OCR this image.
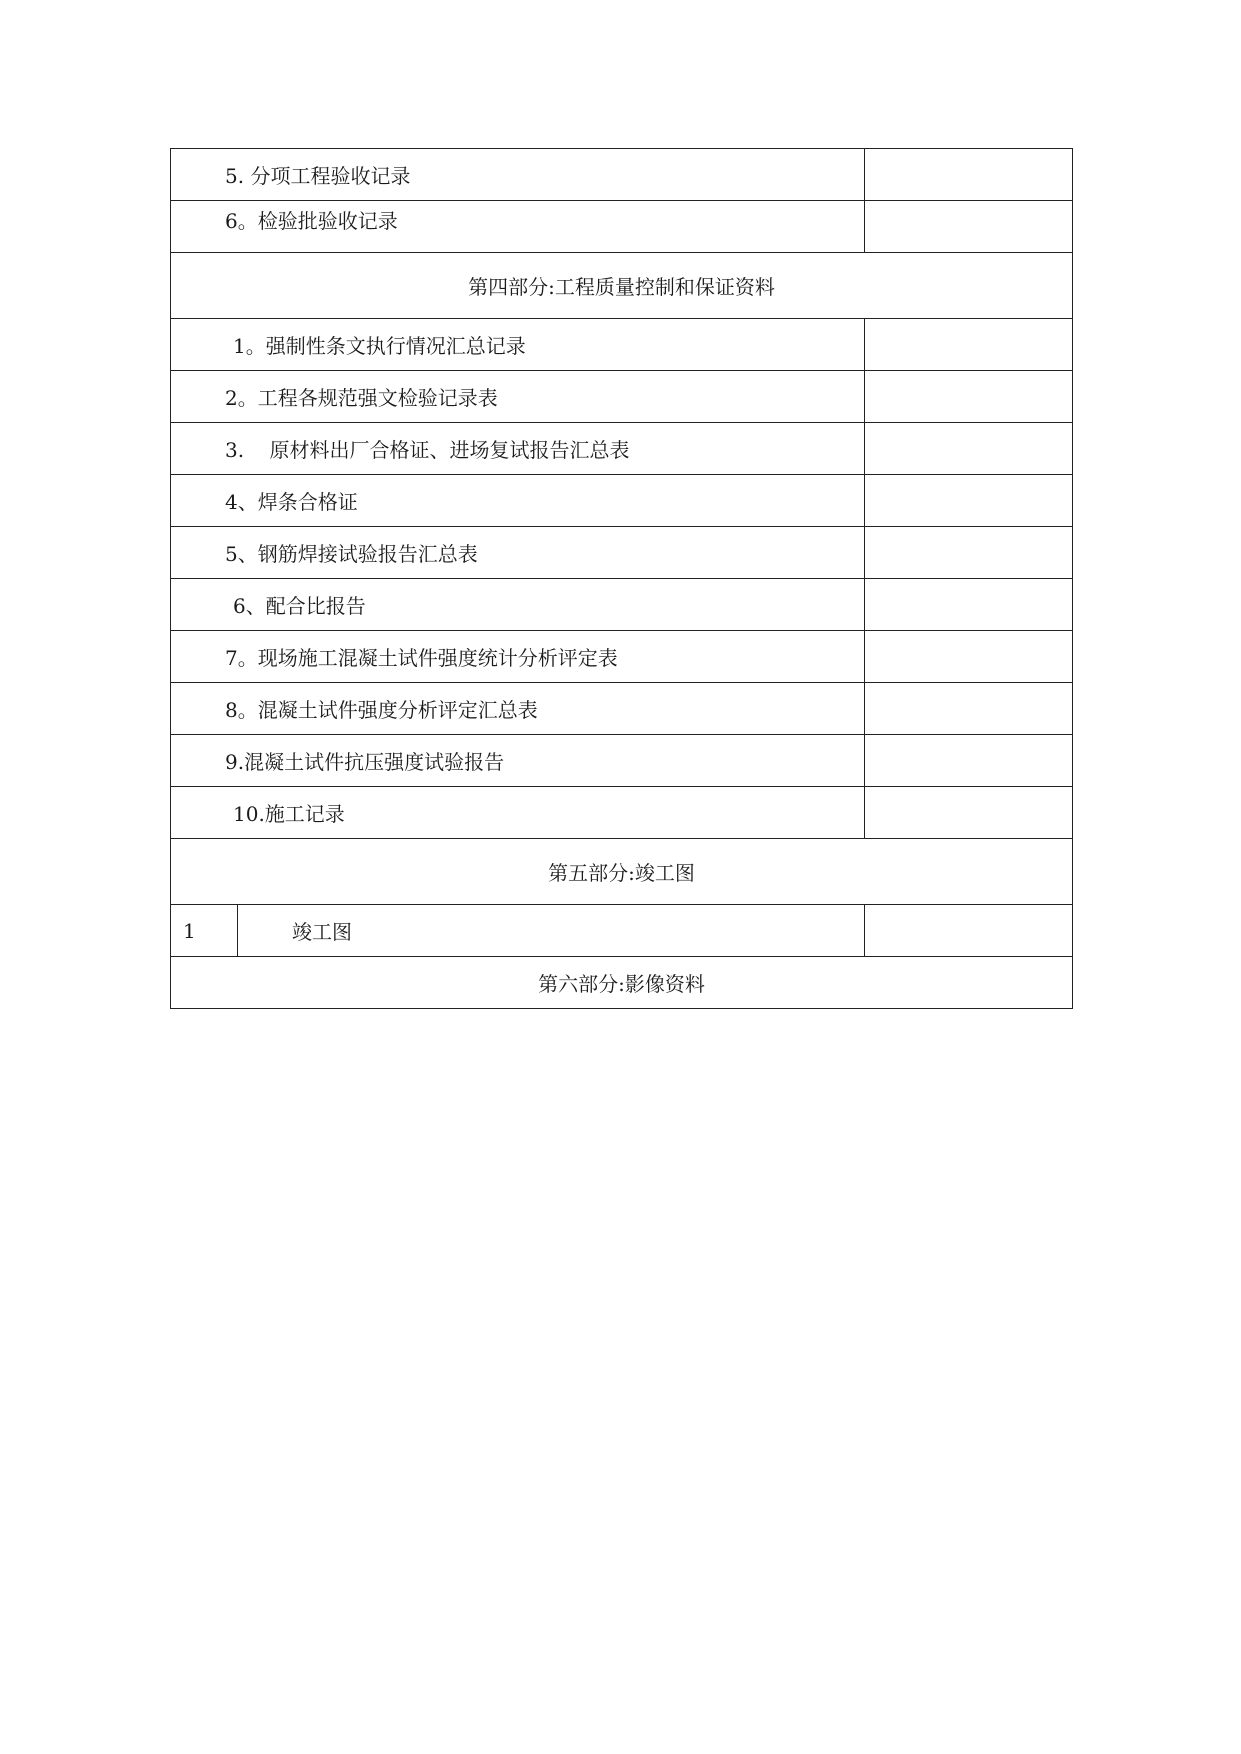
5. 分项工程验收记录		
6。检验批验收记录		
第四部分:工程质量控制和保证资料		
1。强制性条文执行情况汇总记录		
2。工程各规范强文检验记录表		
3.    原材料出厂合格证、进场复试报告汇总表		
4、焊条合格证		
5、钢筋焊接试验报告汇总表		
6、配合比报告		
7。现场施工混凝土试件强度统计分析评定表		
8。混凝土试件强度分析评定汇总表		
9.混凝土试件抗压强度试验报告		
10.施工记录		
第五部分:竣工图		
1	竣工图	
第六部分:影像资料		
